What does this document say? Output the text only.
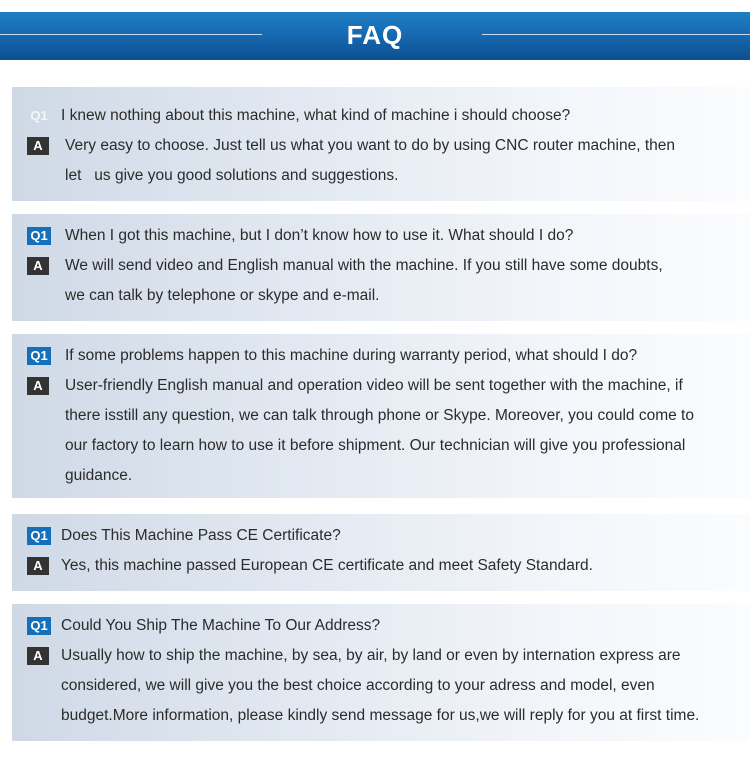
FAQ
Q1 I knew nothing about this machine, what kind of machine i should choose?
A	Very easy to choose. Just tell us what you want to do by using CNC router machine, then
let   us give you good solutions and suggestions.
Q1 When I got this machine, but I don’t know how to use it. What should I do?
A	We will send video and English manual with the machine. If you still have some doubts,
we can talk by telephone or skype and e-mail.
Q1 If some problems happen to this machine during warranty period, what should I do?
A	User-friendly English manual and operation video will be sent together with the machine, if
there isstill any question, we can talk through phone or Skype. Moreover, you could come to
our factory to learn how to use it before shipment. Our technician will give you professional
guidance.
Q1 Does This Machine Pass CE Certificate?
A	Yes, this machine passed European CE certificate and meet Safety Standard.
Q1 Could You Ship The Machine To Our Address?
A	Usually how to ship the machine, by sea, by air, by land or even by internation express are
considered, we will give you the best choice according to your adress and model, even
budget.More information, please kindly send message for us,we will reply for you at first time.
